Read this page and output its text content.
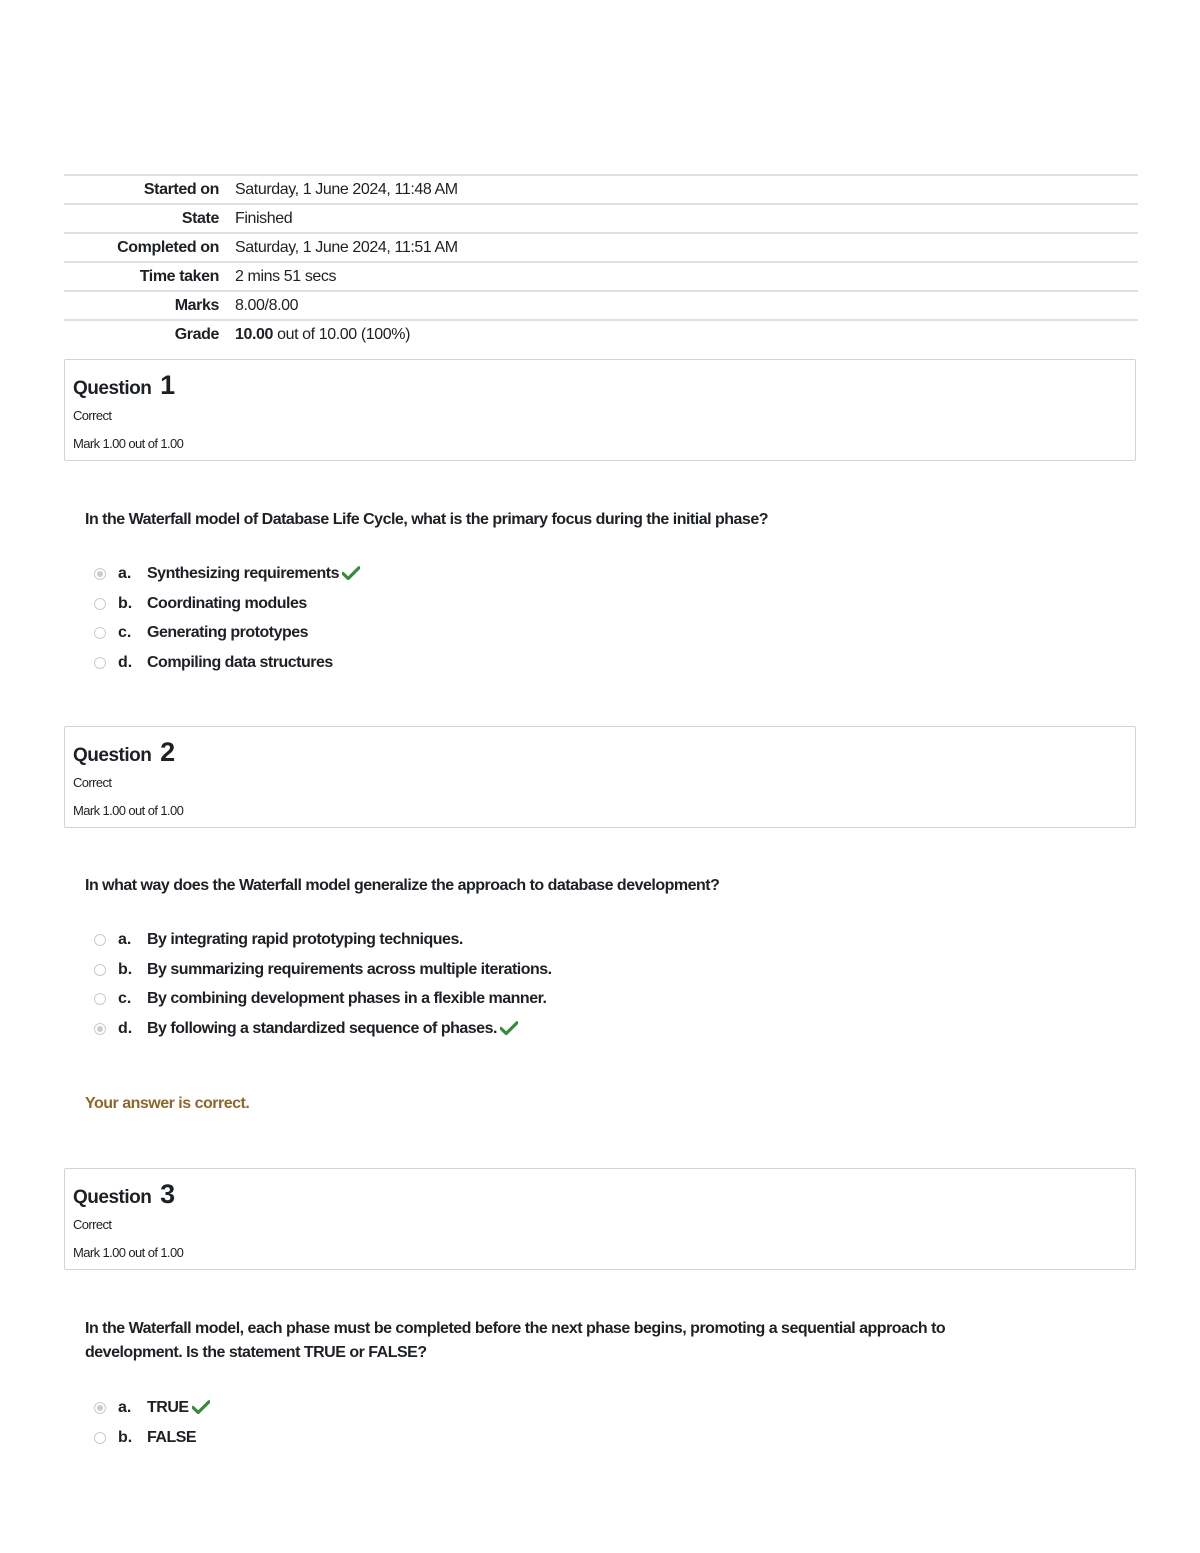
Started on	Saturday, 1 June 2024, 11:48 AM
State	Finished
Completed on	Saturday, 1 June 2024, 11:51 AM
Time taken	2 mins 51 secs
Marks	8.00/8.00
Grade	10.00 out of 10.00 (100%)
Question 1
Correct
Mark 1.00 out of 1.00
In the Waterfall model of Database Life Cycle, what is the primary focus during the initial phase?
a. Synthesizing requirements
b. Coordinating modules
c. Generating prototypes
d. Compiling data structures
Question 2
Correct
Mark 1.00 out of 1.00
In what way does the Waterfall model generalize the approach to database development?
a. By integrating rapid prototyping techniques.
b. By summarizing requirements across multiple iterations.
c. By combining development phases in a flexible manner.
d. By following a standardized sequence of phases.
Your answer is correct.
Question 3
Correct
Mark 1.00 out of 1.00
In the Waterfall model, each phase must be completed before the next phase begins, promoting a sequential approach to development. Is the statement TRUE or FALSE?
a. TRUE
b. FALSE
